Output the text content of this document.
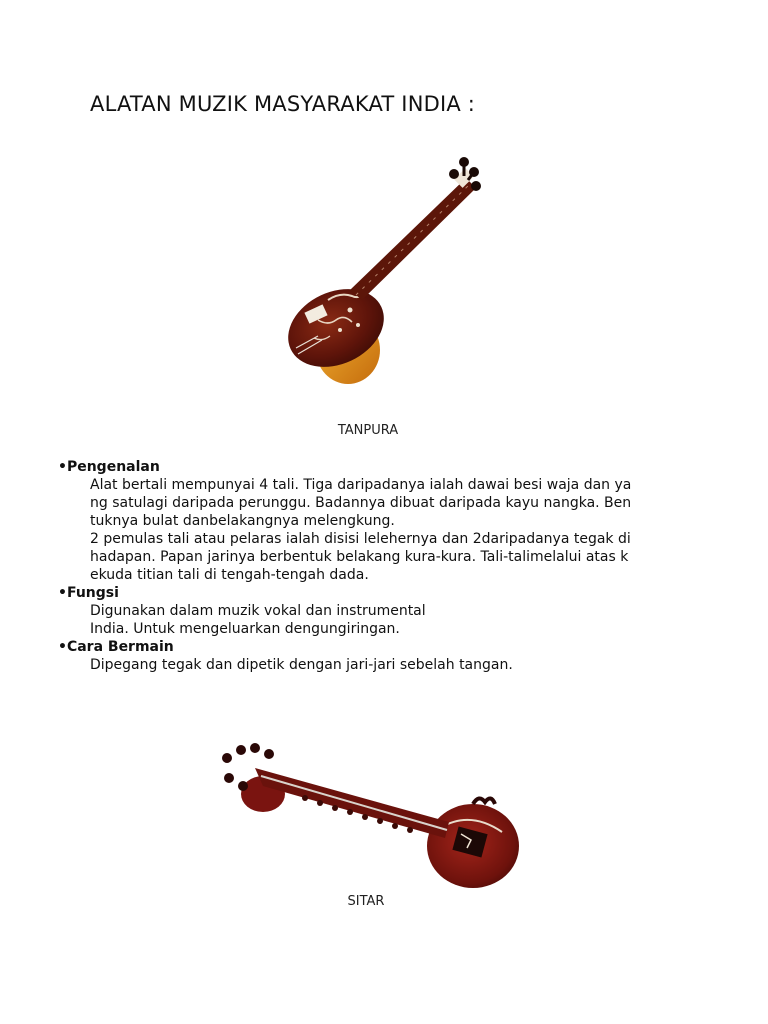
ALATAN MUZIK MASYARAKAT INDIA :
TANPURA
•Pengenalan

Alat bertali mempunyai 4 tali. Tiga daripadanya ialah dawai besi waja dan ya

ng satulagi daripada perunggu. Badannya dibuat daripada kayu nangka. Ben

tuknya bulat danbelakangnya melengkung.

2 pemulas tali atau pelaras ialah disisi lelehernya dan 2daripadanya tegak di

hadapan. Papan jarinya berbentuk belakang kura-kura. Tali-talimelalui atas k

ekuda titian tali di tengah-tengah dada.

•Fungsi

Digunakan dalam muzik vokal dan instrumental

India. Untuk mengeluarkan dengungiringan.

•Cara Bermain

Dipegang tegak dan dipetik dengan jari-jari sebelah tangan.

SITAR
